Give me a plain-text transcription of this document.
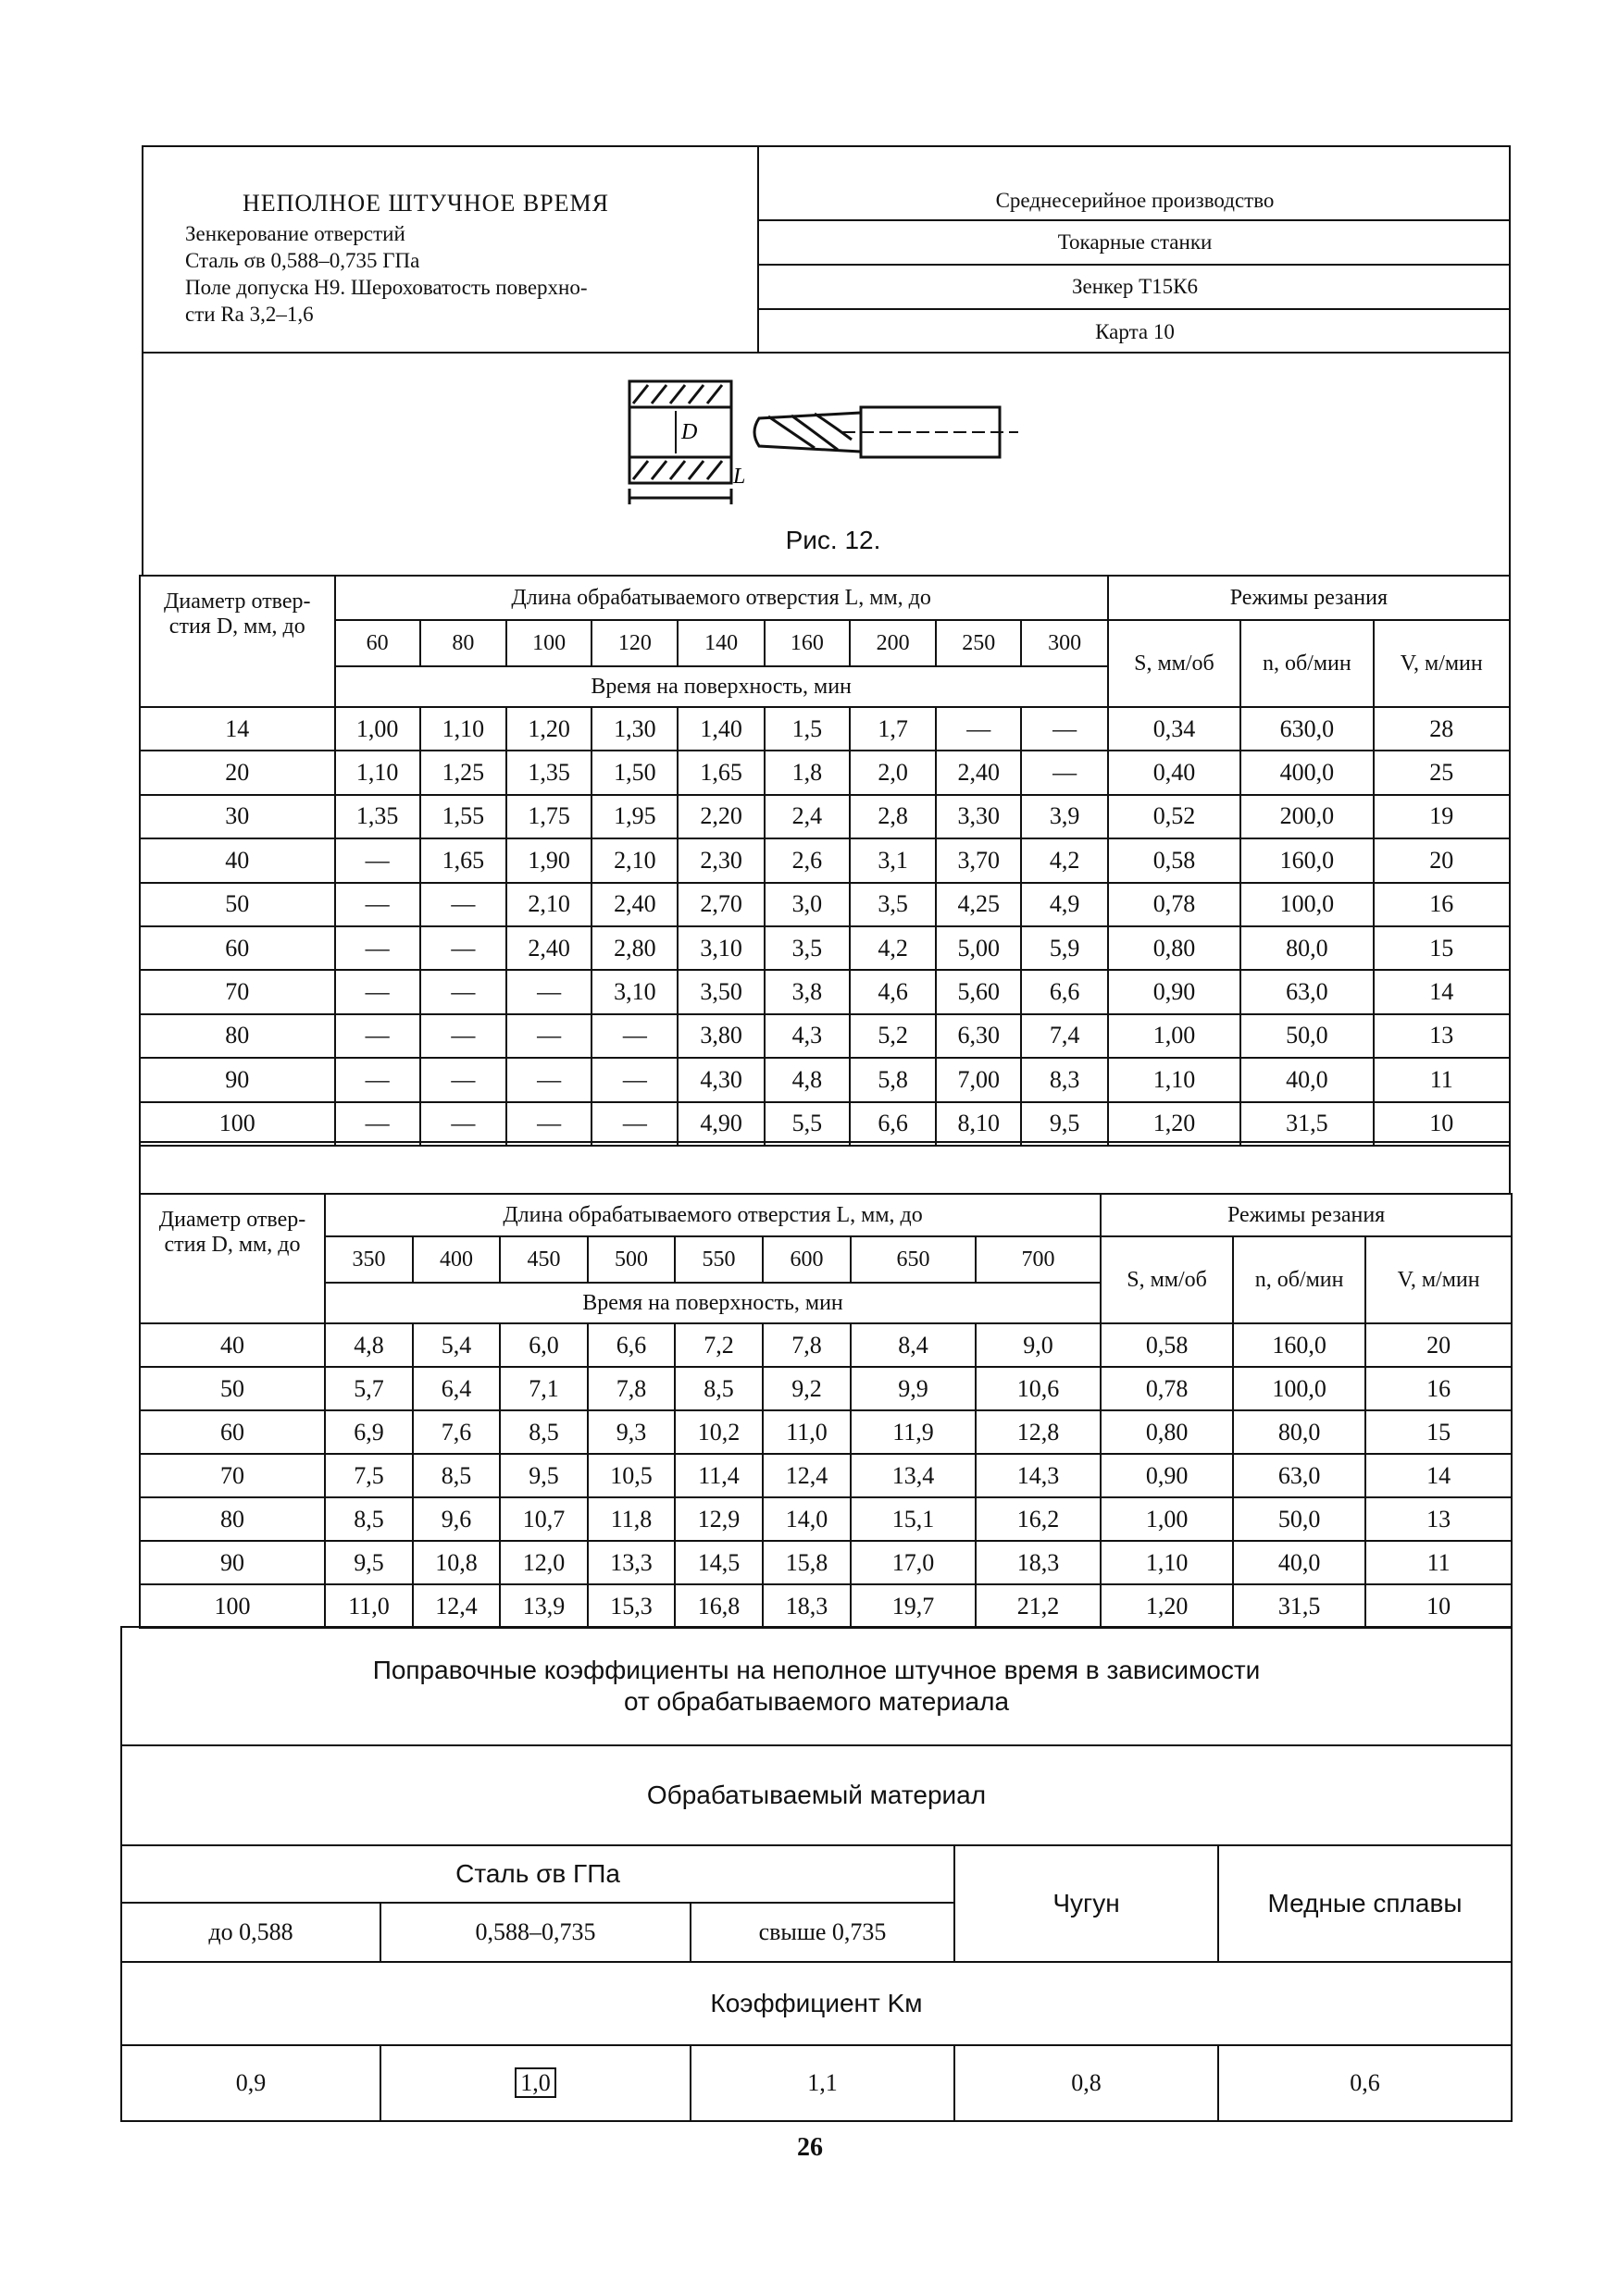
НЕПОЛНОЕ ШТУЧНОЕ ВРЕМЯ
Зенкерование отверстий
Сталь σв 0,588–0,735 ГПа
Поле допуска Н9. Шероховатость поверхно-
сти Ra 3,2–1,6
Среднесерийное производство
Токарные станки
Зенкер Т15К6
Карта 10
D
L
Рис. 12.
Диаметр отвер-
стия D, мм, до	Длина обрабатываемого отверстия L, мм, до									Режимы резания		
	60	80	100	120	140	160	200	250	300	S, мм/об	n, об/мин	V, м/мин
	Время на поверхность, мин											
14	1,00	1,10	1,20	1,30	1,40	1,5	1,7	—	—	0,34	630,0	28
20	1,10	1,25	1,35	1,50	1,65	1,8	2,0	2,40	—	0,40	400,0	25
30	1,35	1,55	1,75	1,95	2,20	2,4	2,8	3,30	3,9	0,52	200,0	19
40	—	1,65	1,90	2,10	2,30	2,6	3,1	3,70	4,2	0,58	160,0	20
50	—	—	2,10	2,40	2,70	3,0	3,5	4,25	4,9	0,78	100,0	16
60	—	—	2,40	2,80	3,10	3,5	4,2	5,00	5,9	0,80	80,0	15
70	—	—	—	3,10	3,50	3,8	4,6	5,60	6,6	0,90	63,0	14
80	—	—	—	—	3,80	4,3	5,2	6,30	7,4	1,00	50,0	13
90	—	—	—	—	4,30	4,8	5,8	7,00	8,3	1,10	40,0	11
100	—	—	—	—	4,90	5,5	6,6	8,10	9,5	1,20	31,5	10
Диаметр отвер-
стия D, мм, до	Длина обрабатываемого отверстия L, мм, до								Режимы резания		
	350	400	450	500	550	600	650	700	S, мм/об	n, об/мин	V, м/мин
	Время на поверхность, мин										
40	4,8	5,4	6,0	6,6	7,2	7,8	8,4	9,0	0,58	160,0	20
50	5,7	6,4	7,1	7,8	8,5	9,2	9,9	10,6	0,78	100,0	16
60	6,9	7,6	8,5	9,3	10,2	11,0	11,9	12,8	0,80	80,0	15
70	7,5	8,5	9,5	10,5	11,4	12,4	13,4	14,3	0,90	63,0	14
80	8,5	9,6	10,7	11,8	12,9	14,0	15,1	16,2	1,00	50,0	13
90	9,5	10,8	12,0	13,3	14,5	15,8	17,0	18,3	1,10	40,0	11
100	11,0	12,4	13,9	15,3	16,8	18,3	19,7	21,2	1,20	31,5	10
Поправочные коэффициенты на неполное штучное время в зависимости
от обрабатываемого материала				

Обрабатываемый материал				
Сталь σв ГПа			Чугун	Медные сплавы
до 0,588	0,588–0,735	свыше 0,735		
Коэффициент Kм				
0,9	1,0	1,1	0,8	0,6
26
